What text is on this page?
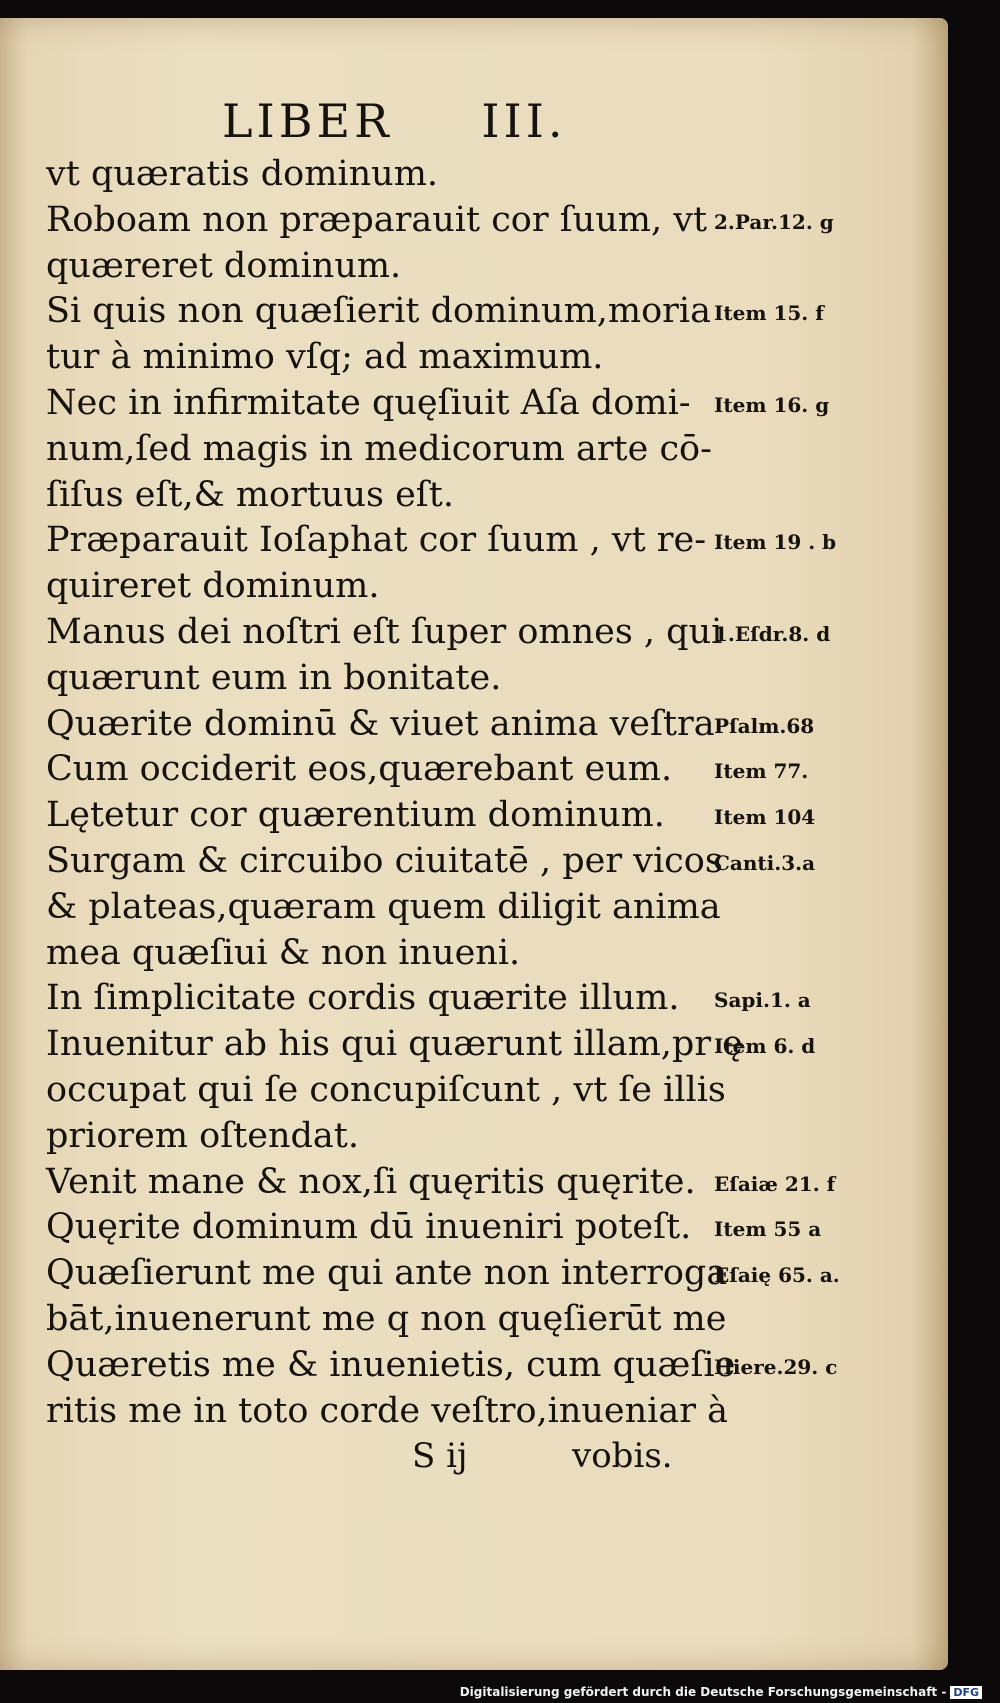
LIBER III.
vt quæratis dominum.
Roboam non præparauit cor ſuum, vt
quæreret dominum.
Si quis non quæſierit dominum,moria
tur à minimo vſq; ad maximum.
Nec in infirmitate quęſiuit Aſa domi-
num,ſed magis in medicorum arte cō-
ſiſus eſt,& mortuus eſt.
Præparauit Ioſaphat cor ſuum , vt re-
quireret dominum.
Manus dei noſtri eſt ſuper omnes , qui
quærunt eum in bonitate.
Quærite dominū & viuet anima veſtra
Cum occiderit eos,quærebant eum.
Lętetur cor quærentium dominum.
Surgam & circuibo ciuitatē , per vicos
& plateas,quæram quem diligit anima
mea quæſiui & non inueni.
In ſimplicitate cordis quærite illum.
Inuenitur ab his qui quærunt illam,pr ę
occupat qui ſe concupiſcunt , vt ſe illis
priorem oſtendat.
Venit mane & nox,ſi quęritis quęrite.
Quęrite dominum dū inueniri poteſt.
Quæſierunt me qui ante non interroga
bāt,inuenerunt me q non quęſierūt me
Quæretis me & inuenietis, cum quæſie
ritis me in toto corde veſtro,inueniar à
2.Par.12. g
Item 15. f
Item 16. g
Item 19 . b
1.Eſdr.8. d
Pſalm.68
Item 77.
Item 104
Canti.3.a
Sapi.1. a
Item 6. d
Eſaiæ 21. f
Item 55 a
Eſaię 65. a.
Hiere.29. c
S ij	vobis.
Digitalisierung gefördert durch die Deutsche Forschungsgemeinschaft - DFG
